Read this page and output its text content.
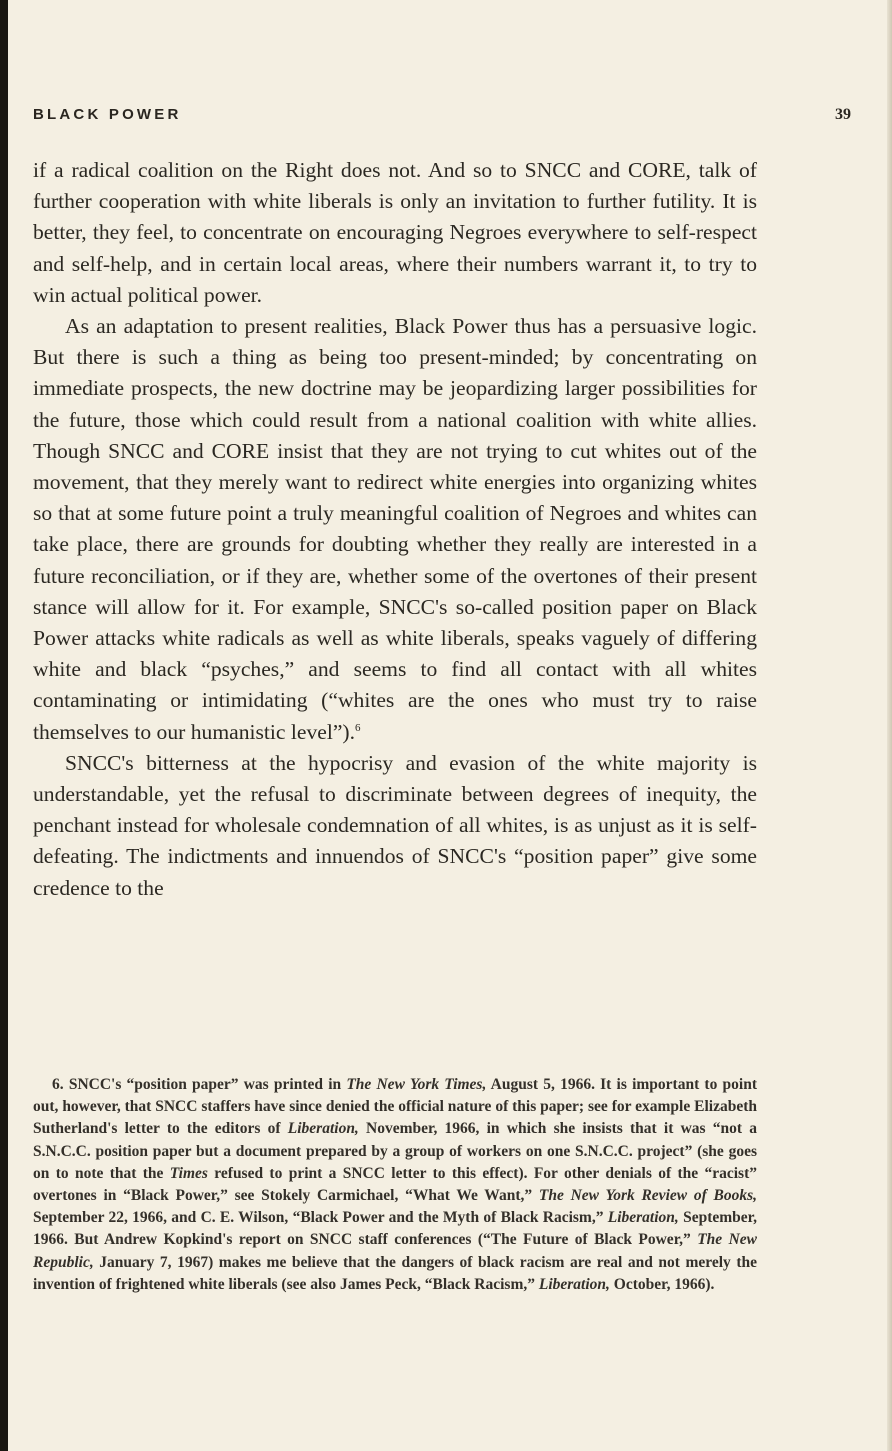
BLACK POWER	39

if a radical coalition on the Right does not. And so to SNCC and CORE, talk of further cooperation with white liberals is only an invitation to further futility. It is better, they feel, to concentrate on encouraging Negroes everywhere to self-respect and self-help, and in certain local areas, where their numbers warrant it, to try to win actual political power.

As an adaptation to present realities, Black Power thus has a persuasive logic. But there is such a thing as being too present-minded; by concentrating on immediate prospects, the new doctrine may be jeopardizing larger possibilities for the future, those which could result from a national coalition with white allies. Though SNCC and CORE insist that they are not trying to cut whites out of the movement, that they merely want to redirect white energies into organizing whites so that at some future point a truly meaningful coalition of Negroes and whites can take place, there are grounds for doubting whether they really are interested in a future reconciliation, or if they are, whether some of the overtones of their present stance will allow for it. For example, SNCC's so-called position paper on Black Power attacks white radicals as well as white liberals, speaks vaguely of differing white and black “psyches,” and seems to find all contact with all whites contaminating or intimidating (“whites are the ones who must try to raise themselves to our humanistic level”).$^6$

SNCC's bitterness at the hypocrisy and evasion of the white majority is understandable, yet the refusal to discriminate between degrees of inequity, the penchant instead for wholesale condemnation of all whites, is as unjust as it is self-defeating. The indictments and innuendos of SNCC's “position paper” give some credence to the

6. SNCC's “position paper” was printed in The New York Times, August 5, 1966. It is important to point out, however, that SNCC staffers have since denied the official nature of this paper; see for example Elizabeth Sutherland's letter to the editors of Liberation, November, 1966, in which she insists that it was “not a S.N.C.C. position paper but a document prepared by a group of workers on one S.N.C.C. project” (she goes on to note that the Times refused to print a SNCC letter to this effect). For other denials of the “racist” overtones in “Black Power,” see Stokely Carmichael, “What We Want,” The New York Review of Books, September 22, 1966, and C. E. Wilson, “Black Power and the Myth of Black Racism,” Liberation, September, 1966. But Andrew Kopkind's report on SNCC staff conferences (“The Future of Black Power,” The New Republic, January 7, 1967) makes me believe that the dangers of black racism are real and not merely the invention of frightened white liberals (see also James Peck, “Black Racism,” Liberation, October, 1966).
